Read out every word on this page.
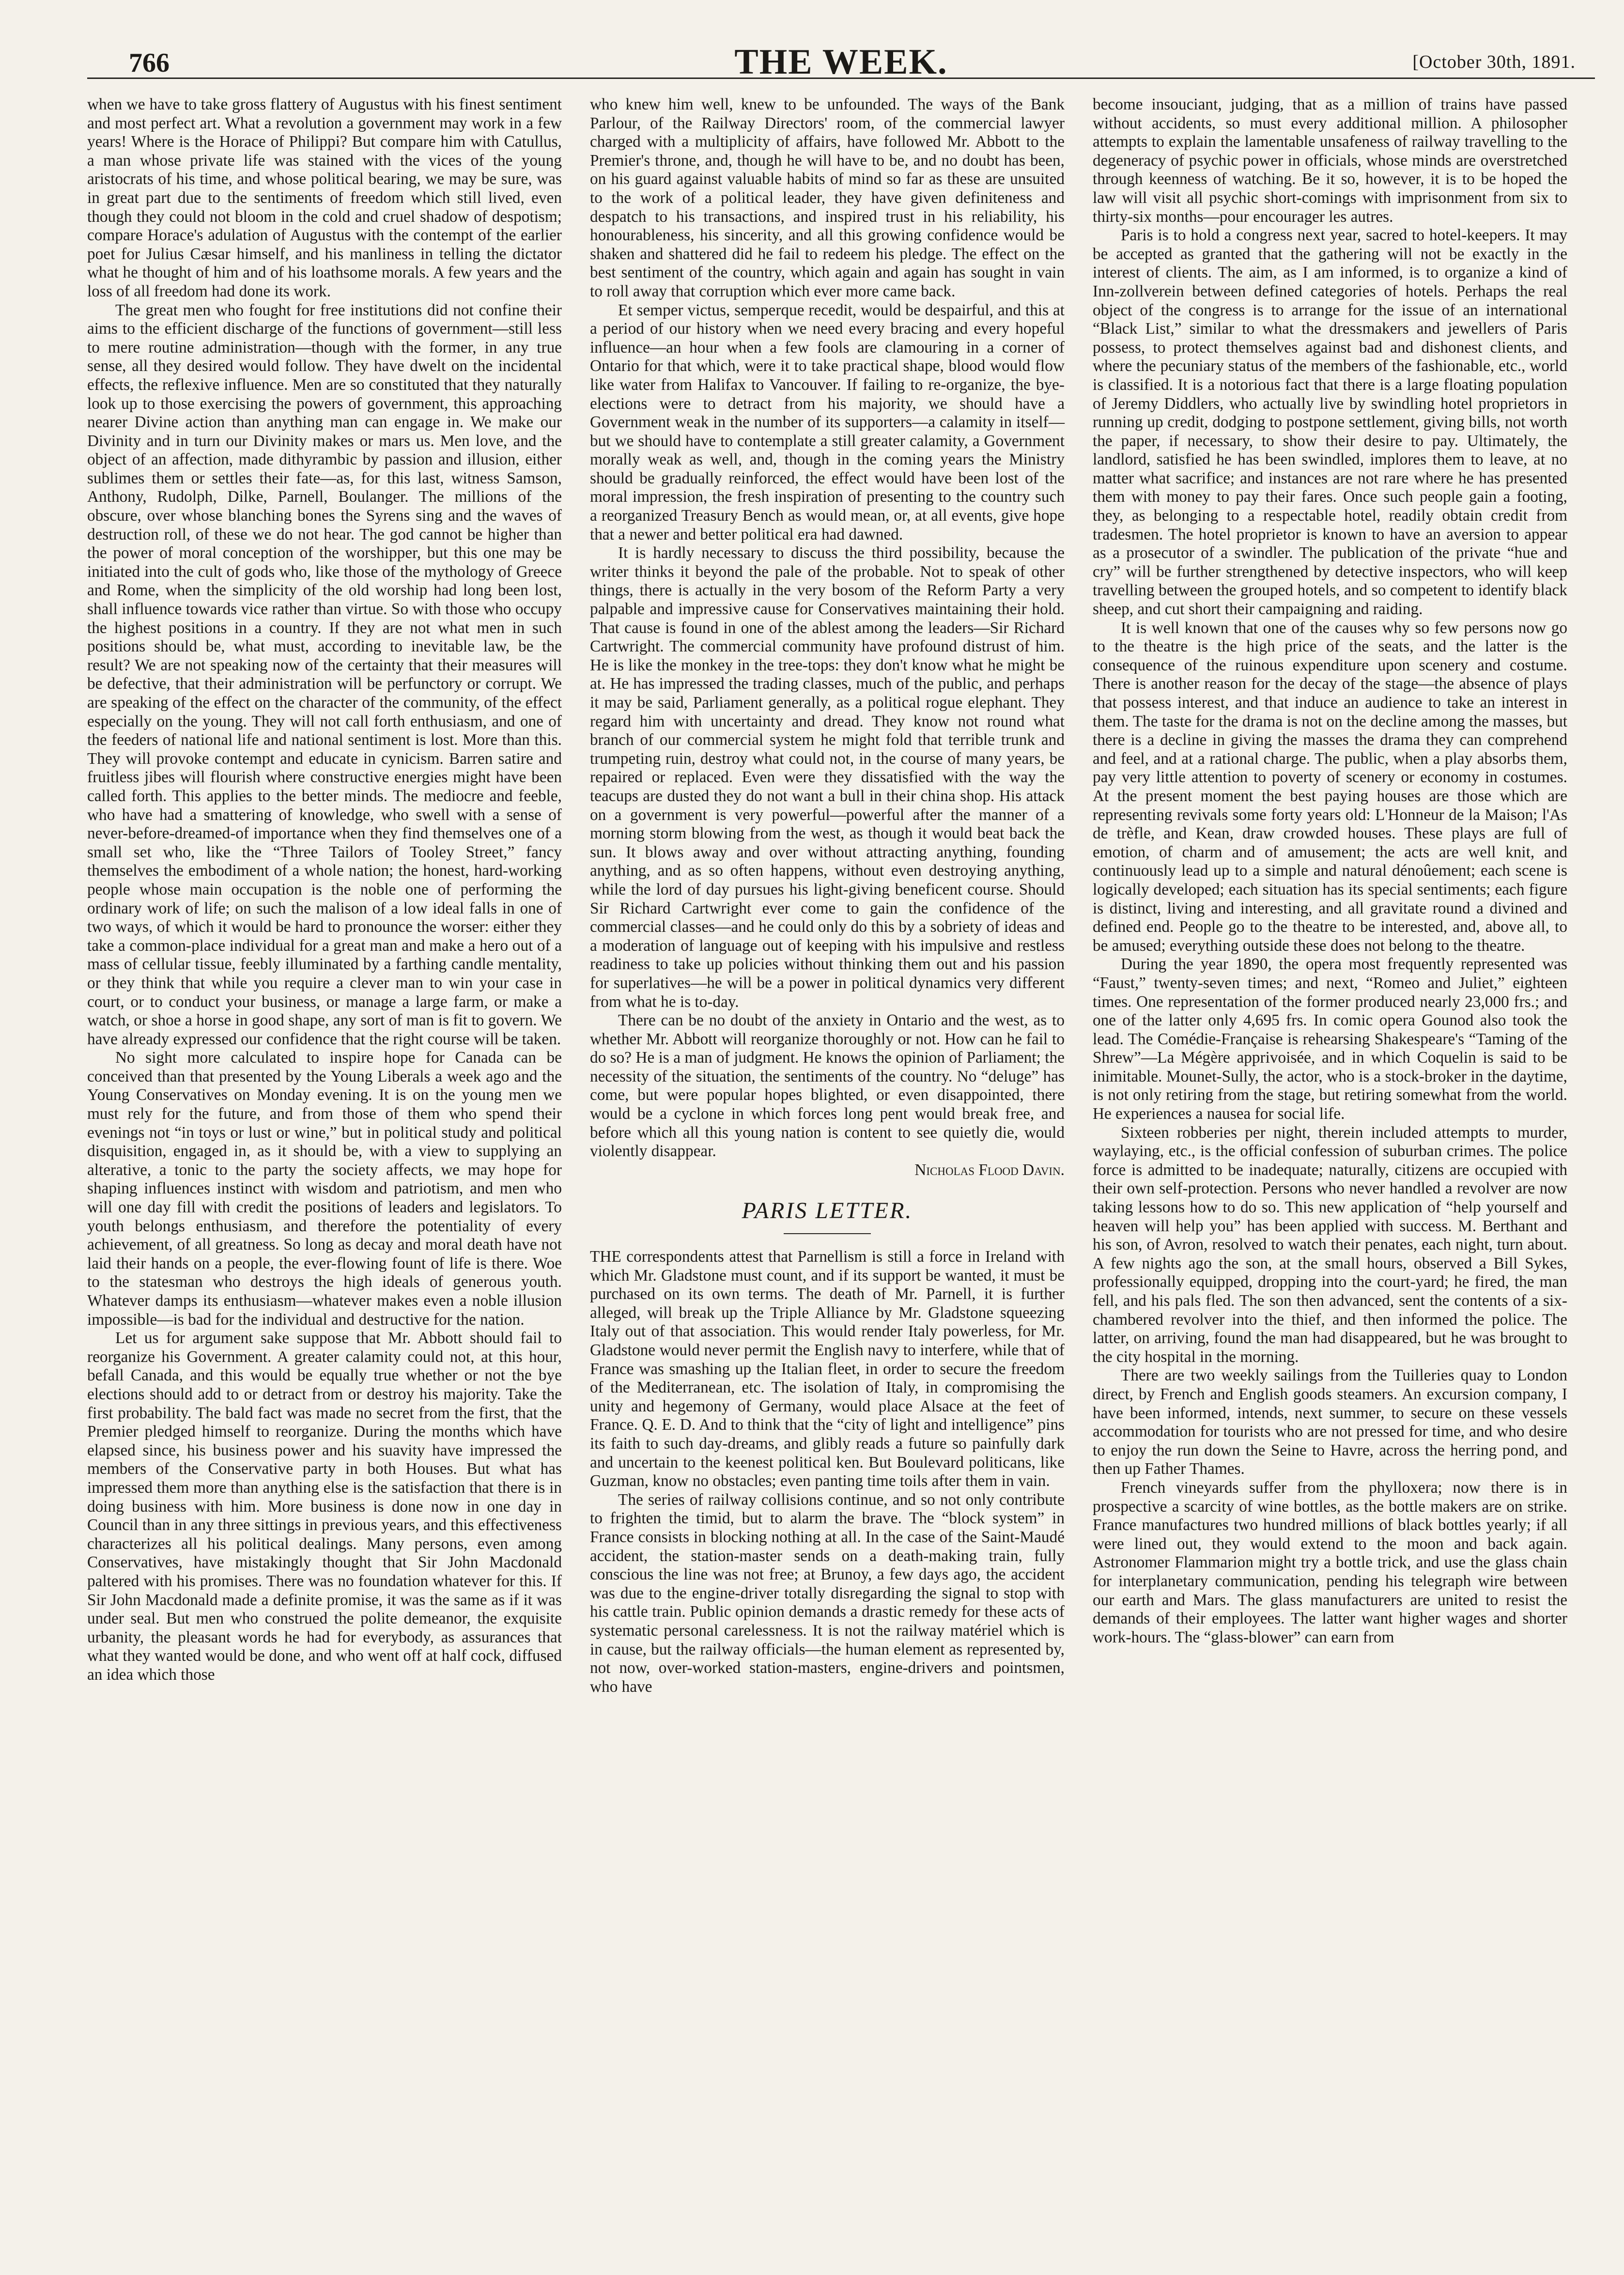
766	THE WEEK.	[October 30th, 1891.

when we have to take gross flattery of Augustus with his finest sentiment and most perfect art. What a revolution a government may work in a few years! Where is the Horace of Philippi? But compare him with Catullus, a man whose private life was stained with the vices of the young aristocrats of his time, and whose political bearing, we may be sure, was in great part due to the sentiments of freedom which still lived, even though they could not bloom in the cold and cruel shadow of despotism; compare Horace's adulation of Augustus with the contempt of the earlier poet for Julius Cæsar himself, and his manliness in telling the dictator what he thought of him and of his loathsome morals. A few years and the loss of all freedom had done its work.

The great men who fought for free institutions did not confine their aims to the efficient discharge of the functions of government—still less to mere routine administration—though with the former, in any true sense, all they desired would follow. They have dwelt on the incidental effects, the reflexive influence. Men are so constituted that they naturally look up to those exercising the powers of government, this approaching nearer Divine action than anything man can engage in. We make our Divinity and in turn our Divinity makes or mars us. Men love, and the object of an affection, made dithyrambic by passion and illusion, either sublimes them or settles their fate—as, for this last, witness Samson, Anthony, Rudolph, Dilke, Parnell, Boulanger. The millions of the obscure, over whose blanching bones the Syrens sing and the waves of destruction roll, of these we do not hear. The god cannot be higher than the power of moral conception of the worshipper, but this one may be initiated into the cult of gods who, like those of the mythology of Greece and Rome, when the simplicity of the old worship had long been lost, shall influence towards vice rather than virtue. So with those who occupy the highest positions in a country. If they are not what men in such positions should be, what must, according to inevitable law, be the result? We are not speaking now of the certainty that their measures will be defective, that their administration will be perfunctory or corrupt. We are speaking of the effect on the character of the community, of the effect especially on the young. They will not call forth enthusiasm, and one of the feeders of national life and national sentiment is lost. More than this. They will provoke contempt and educate in cynicism. Barren satire and fruitless jibes will flourish where constructive energies might have been called forth. This applies to the better minds. The mediocre and feeble, who have had a smattering of knowledge, who swell with a sense of never-before-dreamed-of importance when they find themselves one of a small set who, like the “Three Tailors of Tooley Street,” fancy themselves the embodiment of a whole nation; the honest, hard-working people whose main occupation is the noble one of performing the ordinary work of life; on such the malison of a low ideal falls in one of two ways, of which it would be hard to pronounce the worser: either they take a common-place individual for a great man and make a hero out of a mass of cellular tissue, feebly illuminated by a farthing candle mentality, or they think that while you require a clever man to win your case in court, or to conduct your business, or manage a large farm, or make a watch, or shoe a horse in good shape, any sort of man is fit to govern. We have already expressed our confidence that the right course will be taken.

No sight more calculated to inspire hope for Canada can be conceived than that presented by the Young Liberals a week ago and the Young Conservatives on Monday evening. It is on the young men we must rely for the future, and from those of them who spend their evenings not “in toys or lust or wine,” but in political study and political disquisition, engaged in, as it should be, with a view to supplying an alterative, a tonic to the party the society affects, we may hope for shaping influences instinct with wisdom and patriotism, and men who will one day fill with credit the positions of leaders and legislators. To youth belongs enthusiasm, and therefore the potentiality of every achievement, of all greatness. So long as decay and moral death have not laid their hands on a people, the ever-flowing fount of life is there. Woe to the statesman who destroys the high ideals of generous youth. Whatever damps its enthusiasm—whatever makes even a noble illusion impossible—is bad for the individual and destructive for the nation.

Let us for argument sake suppose that Mr. Abbott should fail to reorganize his Government. A greater calamity could not, at this hour, befall Canada, and this would be equally true whether or not the bye elections should add to or detract from or destroy his majority. Take the first probability. The bald fact was made no secret from the first, that the Premier pledged himself to reorganize. During the months which have elapsed since, his business power and his suavity have impressed the members of the Conservative party in both Houses. But what has impressed them more than anything else is the satisfaction that there is in doing business with him. More business is done now in one day in Council than in any three sittings in previous years, and this effectiveness characterizes all his political dealings. Many persons, even among Conservatives, have mistakingly thought that Sir John Macdonald paltered with his promises. There was no foundation whatever for this. If Sir John Macdonald made a definite promise, it was the same as if it was under seal. But men who construed the polite demeanor, the exquisite urbanity, the pleasant words he had for everybody, as assurances that what they wanted would be done, and who went off at half cock, diffused an idea which those

who knew him well, knew to be unfounded. The ways of the Bank Parlour, of the Railway Directors' room, of the commercial lawyer charged with a multiplicity of affairs, have followed Mr. Abbott to the Premier's throne, and, though he will have to be, and no doubt has been, on his guard against valuable habits of mind so far as these are unsuited to the work of a political leader, they have given definiteness and despatch to his transactions, and inspired trust in his reliability, his honourableness, his sincerity, and all this growing confidence would be shaken and shattered did he fail to redeem his pledge. The effect on the best sentiment of the country, which again and again has sought in vain to roll away that corruption which ever more came back.

Et semper victus, semperque recedit, would be despairful, and this at a period of our history when we need every bracing and every hopeful influence—an hour when a few fools are clamouring in a corner of Ontario for that which, were it to take practical shape, blood would flow like water from Halifax to Vancouver. If failing to re-organize, the bye-elections were to detract from his majority, we should have a Government weak in the number of its supporters—a calamity in itself—but we should have to contemplate a still greater calamity, a Government morally weak as well, and, though in the coming years the Ministry should be gradually reinforced, the effect would have been lost of the moral impression, the fresh inspiration of presenting to the country such a reorganized Treasury Bench as would mean, or, at all events, give hope that a newer and better political era had dawned.

It is hardly necessary to discuss the third possibility, because the writer thinks it beyond the pale of the probable. Not to speak of other things, there is actually in the very bosom of the Reform Party a very palpable and impressive cause for Conservatives maintaining their hold. That cause is found in one of the ablest among the leaders—Sir Richard Cartwright. The commercial community have profound distrust of him. He is like the monkey in the tree-tops: they don't know what he might be at. He has impressed the trading classes, much of the public, and perhaps it may be said, Parliament generally, as a political rogue elephant. They regard him with uncertainty and dread. They know not round what branch of our commercial system he might fold that terrible trunk and trumpeting ruin, destroy what could not, in the course of many years, be repaired or replaced. Even were they dissatisfied with the way the teacups are dusted they do not want a bull in their china shop. His attack on a government is very powerful—powerful after the manner of a morning storm blowing from the west, as though it would beat back the sun. It blows away and over without attracting anything, founding anything, and as so often happens, without even destroying anything, while the lord of day pursues his light-giving beneficent course. Should Sir Richard Cartwright ever come to gain the confidence of the commercial classes—and he could only do this by a sobriety of ideas and a moderation of language out of keeping with his impulsive and restless readiness to take up policies without thinking them out and his passion for superlatives—he will be a power in political dynamics very different from what he is to-day.

There can be no doubt of the anxiety in Ontario and the west, as to whether Mr. Abbott will reorganize thoroughly or not. How can he fail to do so? He is a man of judgment. He knows the opinion of Parliament; the necessity of the situation, the sentiments of the country. No “deluge” has come, but were popular hopes blighted, or even disappointed, there would be a cyclone in which forces long pent would break free, and before which all this young nation is content to see quietly die, would violently disappear.

Nicholas Flood Davin.
PARIS LETTER.

THE correspondents attest that Parnellism is still a force in Ireland with which Mr. Gladstone must count, and if its support be wanted, it must be purchased on its own terms. The death of Mr. Parnell, it is further alleged, will break up the Triple Alliance by Mr. Gladstone squeezing Italy out of that association. This would render Italy powerless, for Mr. Gladstone would never permit the English navy to interfere, while that of France was smashing up the Italian fleet, in order to secure the freedom of the Mediterranean, etc. The isolation of Italy, in compromising the unity and hegemony of Germany, would place Alsace at the feet of France. Q. E. D. And to think that the “city of light and intelligence” pins its faith to such day-dreams, and glibly reads a future so painfully dark and uncertain to the keenest political ken. But Boulevard politicans, like Guzman, know no obstacles; even panting time toils after them in vain.

The series of railway collisions continue, and so not only contribute to frighten the timid, but to alarm the brave. The “block system” in France consists in blocking nothing at all. In the case of the Saint-Maudé accident, the station-master sends on a death-making train, fully conscious the line was not free; at Brunoy, a few days ago, the accident was due to the engine-driver totally disregarding the signal to stop with his cattle train. Public opinion demands a drastic remedy for these acts of systematic personal carelessness. It is not the railway matériel which is in cause, but the railway officials—the human element as represented by, not now, over-worked station-masters, engine-drivers and pointsmen, who have

become insouciant, judging, that as a million of trains have passed without accidents, so must every additional million. A philosopher attempts to explain the lamentable unsafeness of railway travelling to the degeneracy of psychic power in officials, whose minds are overstretched through keenness of watching. Be it so, however, it is to be hoped the law will visit all psychic short-comings with imprisonment from six to thirty-six months—pour encourager les autres.

Paris is to hold a congress next year, sacred to hotel-keepers. It may be accepted as granted that the gathering will not be exactly in the interest of clients. The aim, as I am informed, is to organize a kind of Inn-zollverein between defined categories of hotels. Perhaps the real object of the congress is to arrange for the issue of an international “Black List,” similar to what the dressmakers and jewellers of Paris possess, to protect themselves against bad and dishonest clients, and where the pecuniary status of the members of the fashionable, etc., world is classified. It is a notorious fact that there is a large floating population of Jeremy Diddlers, who actually live by swindling hotel proprietors in running up credit, dodging to postpone settlement, giving bills, not worth the paper, if necessary, to show their desire to pay. Ultimately, the landlord, satisfied he has been swindled, implores them to leave, at no matter what sacrifice; and instances are not rare where he has presented them with money to pay their fares. Once such people gain a footing, they, as belonging to a respectable hotel, readily obtain credit from tradesmen. The hotel proprietor is known to have an aversion to appear as a prosecutor of a swindler. The publication of the private “hue and cry” will be further strengthened by detective inspectors, who will keep travelling between the grouped hotels, and so competent to identify black sheep, and cut short their campaigning and raiding.

It is well known that one of the causes why so few persons now go to the theatre is the high price of the seats, and the latter is the consequence of the ruinous expenditure upon scenery and costume. There is another reason for the decay of the stage—the absence of plays that possess interest, and that induce an audience to take an interest in them. The taste for the drama is not on the decline among the masses, but there is a decline in giving the masses the drama they can comprehend and feel, and at a rational charge. The public, when a play absorbs them, pay very little attention to poverty of scenery or economy in costumes. At the present moment the best paying houses are those which are representing revivals some forty years old: L'Honneur de la Maison; l'As de trèfle, and Kean, draw crowded houses. These plays are full of emotion, of charm and of amusement; the acts are well knit, and continuously lead up to a simple and natural dénoûement; each scene is logically developed; each situation has its special sentiments; each figure is distinct, living and interesting, and all gravitate round a divined and defined end. People go to the theatre to be interested, and, above all, to be amused; everything outside these does not belong to the theatre.

During the year 1890, the opera most frequently represented was “Faust,” twenty-seven times; and next, “Romeo and Juliet,” eighteen times. One representation of the former produced nearly 23,000 frs.; and one of the latter only 4,695 frs. In comic opera Gounod also took the lead. The Comédie-Française is rehearsing Shakespeare's “Taming of the Shrew”—La Mégère apprivoisée, and in which Coquelin is said to be inimitable. Mounet-Sully, the actor, who is a stock-broker in the daytime, is not only retiring from the stage, but retiring somewhat from the world. He experiences a nausea for social life.

Sixteen robberies per night, therein included attempts to murder, waylaying, etc., is the official confession of suburban crimes. The police force is admitted to be inadequate; naturally, citizens are occupied with their own self-protection. Persons who never handled a revolver are now taking lessons how to do so. This new application of “help yourself and heaven will help you” has been applied with success. M. Berthant and his son, of Avron, resolved to watch their penates, each night, turn about. A few nights ago the son, at the small hours, observed a Bill Sykes, professionally equipped, dropping into the court-yard; he fired, the man fell, and his pals fled. The son then advanced, sent the contents of a six-chambered revolver into the thief, and then informed the police. The latter, on arriving, found the man had disappeared, but he was brought to the city hospital in the morning.

There are two weekly sailings from the Tuilleries quay to London direct, by French and English goods steamers. An excursion company, I have been informed, intends, next summer, to secure on these vessels accommodation for tourists who are not pressed for time, and who desire to enjoy the run down the Seine to Havre, across the herring pond, and then up Father Thames.

French vineyards suffer from the phylloxera; now there is in prospective a scarcity of wine bottles, as the bottle makers are on strike. France manufactures two hundred millions of black bottles yearly; if all were lined out, they would extend to the moon and back again. Astronomer Flammarion might try a bottle trick, and use the glass chain for interplanetary communication, pending his telegraph wire between our earth and Mars. The glass manufacturers are united to resist the demands of their employees. The latter want higher wages and shorter work-hours. The “glass-blower” can earn from
